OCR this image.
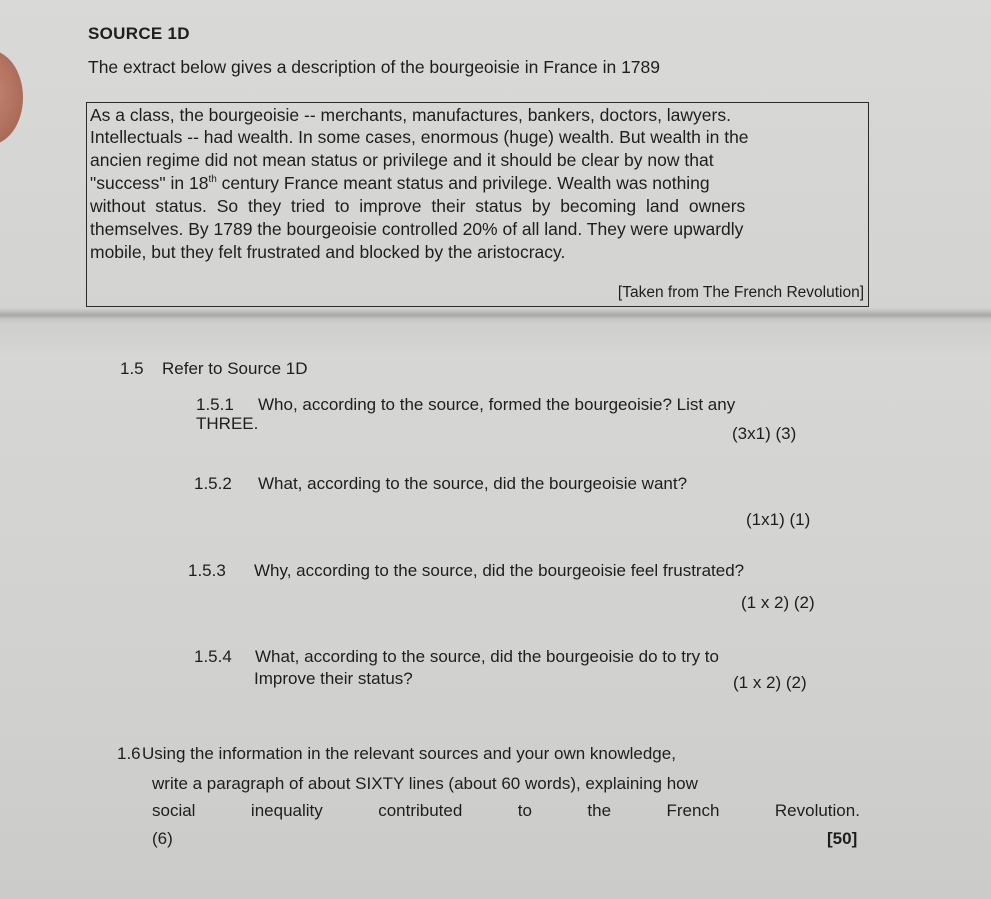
SOURCE 1D
The extract below gives a description of the bourgeoisie in France in 1789
As a class, the bourgeoisie -- merchants, manufactures, bankers, doctors, lawyers.
Intellectuals -- had wealth. In some cases, enormous (huge) wealth. But wealth in the
ancien regime did not mean status or privilege and it should be clear by now that
"success" in 18th century France meant status and privilege. Wealth was nothing
without status. So they tried to improve their status by becoming land owners
themselves. By 1789 the bourgeoisie controlled 20% of all land. They were upwardly
mobile, but they felt frustrated and blocked by the aristocracy.
[Taken from The French Revolution]
1.5 Refer to Source 1D
1.5.1 Who, according to the source, formed the bourgeoisie? List any
THREE.
(3x1) (3)
1.5.2 What, according to the source, did the bourgeoisie want?
(1x1) (1)
1.5.3 Why, according to the source, did the bourgeoisie feel frustrated?
(1 x 2) (2)
1.5.4 What, according to the source, did the bourgeoisie do to try to
Improve their status?	(1 x 2) (2)
1.6 Using the information in the relevant sources and your own knowledge,
write a paragraph of about SIXTY lines (about 60 words), explaining how
social	inequality	contributed	to	the	French	Revolution.
(6)	[50]
